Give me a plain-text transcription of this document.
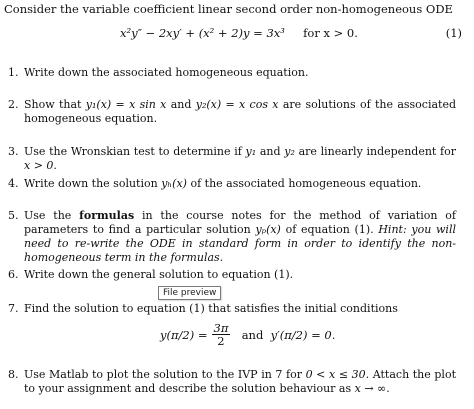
Consider the variable coefficient linear second order non-homogeneous ODE
x²y″ − 2xy′ + (x² + 2)y = 3x³ for x > 0.	(1)
1. Write down the associated homogeneous equation.
2. Show that y₁(x) = x sin x and y₂(x) = x cos x are solutions of the associated homogeneous equation.
3. Use the Wronskian test to determine if y₁ and y₂ are linearly independent for x > 0.
4. Write down the solution yₕ(x) of the associated homogeneous equation.
5. Use the formulas in the course notes for the method of variation of parameters to find a particular solution yₚ(x) of equation (1). Hint: you will need to re-write the ODE in standard form in order to identify the non-homogeneous term in the formulas.
6. Write down the general solution to equation (1).
File preview
7. Find the solution to equation (1) that satisfies the initial conditions
$y(\pi/2) = \frac{3\pi}{2}$
and
y′(π/2) = 0.
8. Use Matlab to plot the solution to the IVP in 7 for 0 < x ≤ 30. Attach the plot to your assignment and describe the solution behaviour as x → ∞.
